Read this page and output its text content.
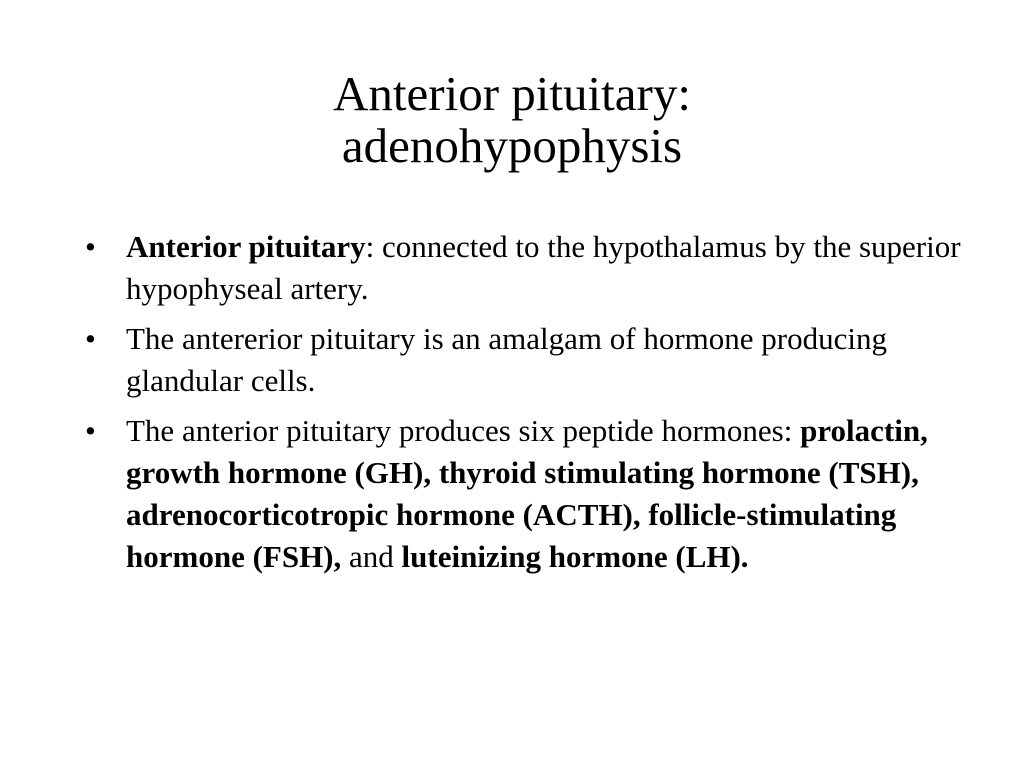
Anterior pituitary:
adenohypophysis
• Anterior pituitary: connected to the hypothalamus by the superior hypophyseal artery.
• The antererior pituitary is an amalgam of hormone producing glandular cells.
• The anterior pituitary produces six peptide hormones: prolactin, growth hormone (GH), thyroid stimulating hormone (TSH), adrenocorticotropic hormone (ACTH), follicle-stimulating hormone (FSH), and luteinizing hormone (LH).
